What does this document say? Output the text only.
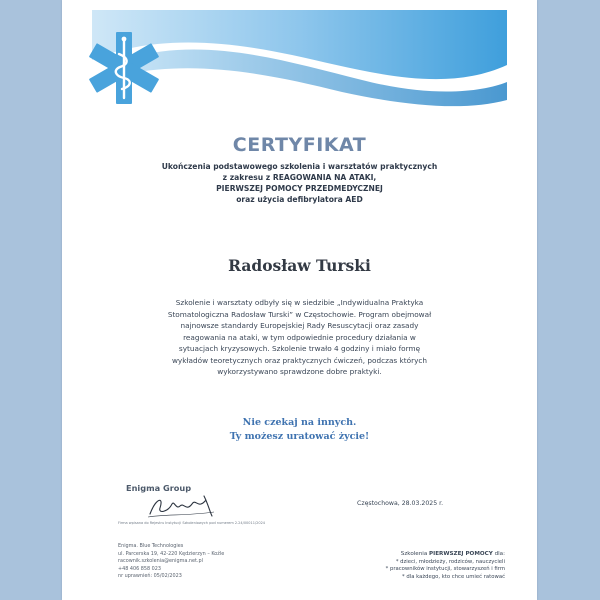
CERTYFIKAT
Ukończenia podstawowego szkolenia i warsztatów praktycznych
z zakresu z REAGOWANIA NA ATAKI,
PIERWSZEJ POMOCY PRZEDMEDYCZNEJ
oraz użycia defibrylatora AED
Radosław Turski
Szkolenie i warsztaty odbyły się w siedzibie „Indywidualna Praktyka
Stomatologiczna Radosław Turski” w Częstochowie. Program obejmował
najnowsze standardy Europejskiej Rady Resuscytacji oraz zasady
reagowania na ataki, w tym odpowiednie procedury działania w
sytuacjach kryzysowych. Szkolenie trwało 4 godziny i miało formę
wykładów teoretycznych oraz praktycznych ćwiczeń, podczas których
wykorzystywano sprawdzone dobre praktyki.
Nie czekaj na innych.
Ty możesz uratować życie!
Enigma Group
Firma wpisana do Rejestru Instytucji Szkoleniowych pod numerem 2.24/00011/2024
Częstochowa, 28.03.2025 r.
Enigma. Blue Technologies
ul. Parcerska 19, 42-220 Kędzierzyn – Koźle
racownik.szkolenia@enigma.net.pl
+48 406 858 023
nr uprawnień: 05/02/2023
Szkolenia PIERWSZEJ POMOCY dla:
* dzieci, młodzieży, rodziców, nauczycieli
* pracowników instytucji, stowarzyszeń i firm
* dla każdego, kto chce umieć ratować
